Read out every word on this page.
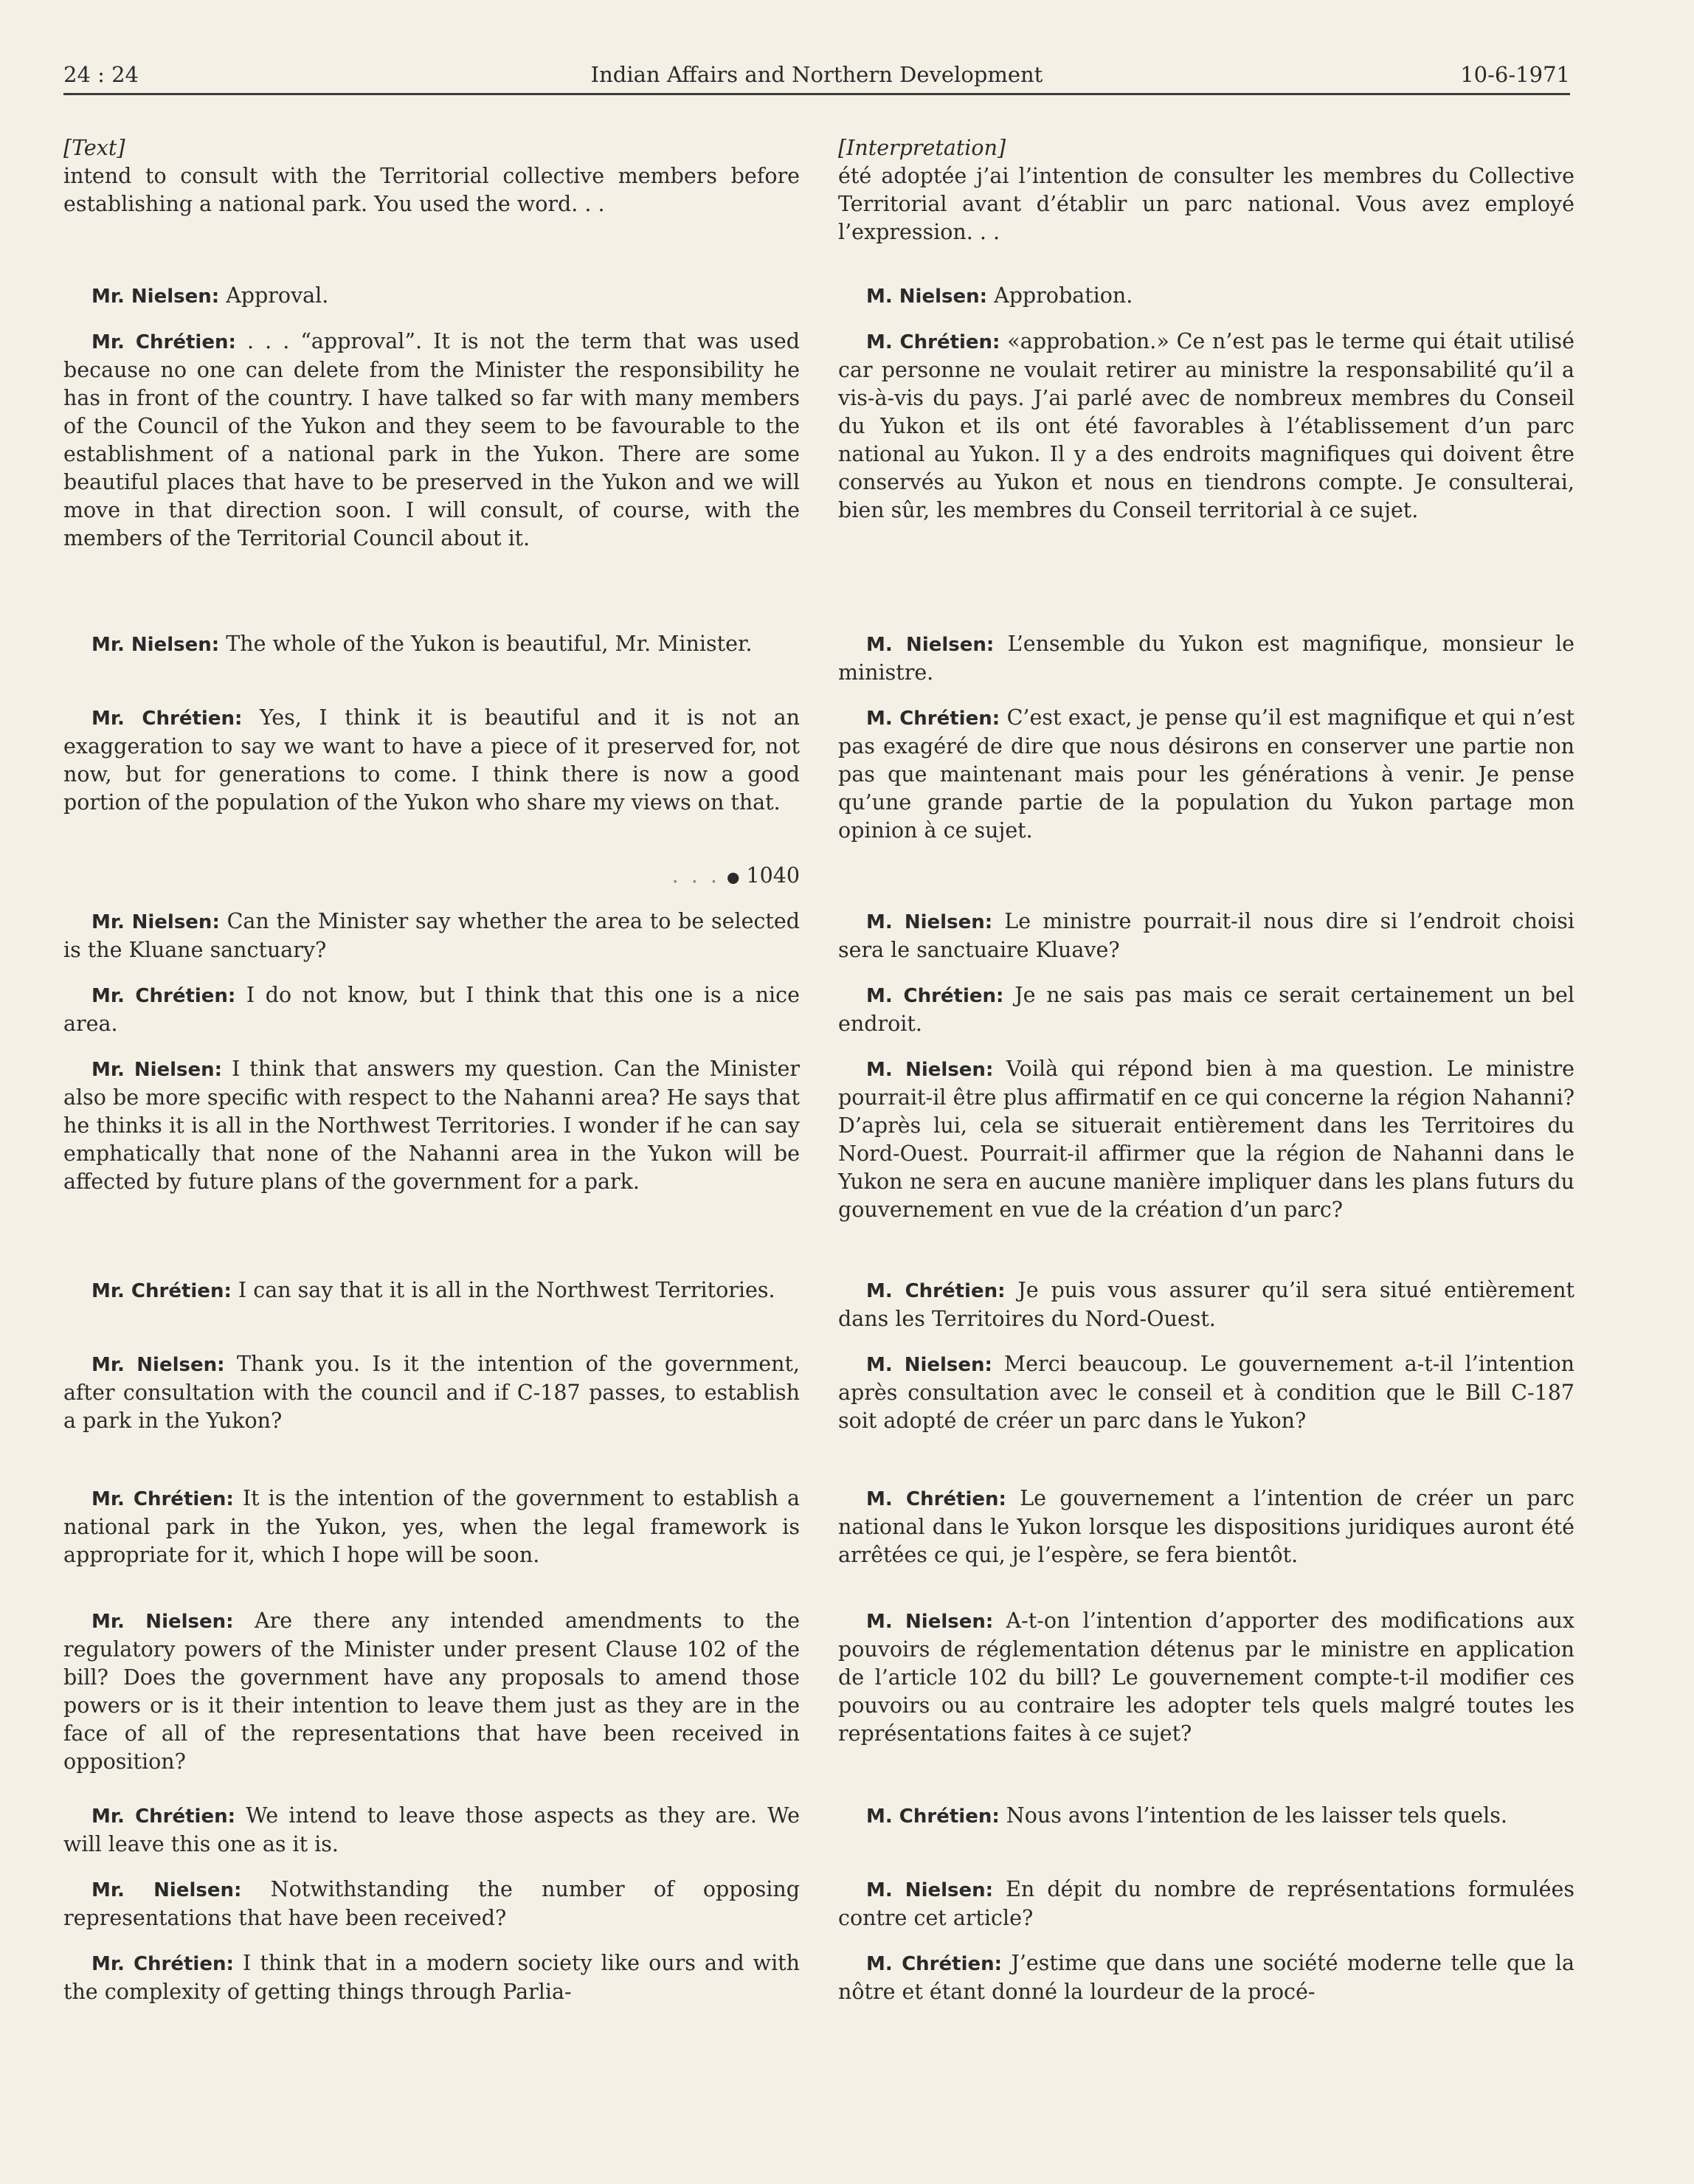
24 : 24	Indian Affairs and Northern Development	10-6-1971

[Text]

intend to consult with the Territorial collective members before establishing a national park. You used the word. . .

Mr. Nielsen: Approval.

Mr. Chrétien: . . . “approval”. It is not the term that was used because no one can delete from the Minister the responsibility he has in front of the country. I have talked so far with many members of the Council of the Yukon and they seem to be favourable to the establishment of a national park in the Yukon. There are some beautiful places that have to be preserved in the Yukon and we will move in that direction soon. I will consult, of course, with the members of the Territorial Council about it.

Mr. Nielsen: The whole of the Yukon is beautiful, Mr. Minister.

Mr. Chrétien: Yes, I think it is beautiful and it is not an exaggeration to say we want to have a piece of it preserved for, not now, but for generations to come. I think there is now a good portion of the population of the Yukon who share my views on that.

. . . ● 1040

Mr. Nielsen: Can the Minister say whether the area to be selected is the Kluane sanctuary?

Mr. Chrétien: I do not know, but I think that this one is a nice area.

Mr. Nielsen: I think that answers my question. Can the Minister also be more specific with respect to the Nahanni area? He says that he thinks it is all in the Northwest Territories. I wonder if he can say emphatically that none of the Nahanni area in the Yukon will be affected by future plans of the government for a park.

Mr. Chrétien: I can say that it is all in the Northwest Territories.

Mr. Nielsen: Thank you. Is it the intention of the government, after consultation with the council and if C-187 passes, to establish a park in the Yukon?

Mr. Chrétien: It is the intention of the government to establish a national park in the Yukon, yes, when the legal framework is appropriate for it, which I hope will be soon.

Mr. Nielsen: Are there any intended amendments to the regulatory powers of the Minister under present Clause 102 of the bill? Does the government have any proposals to amend those powers or is it their intention to leave them just as they are in the face of all of the representations that have been received in opposition?

Mr. Chrétien: We intend to leave those aspects as they are. We will leave this one as it is.

Mr. Nielsen: Notwithstanding the number of opposing representations that have been received?

Mr. Chrétien: I think that in a modern society like ours and with the complexity of getting things through Parlia-

[Interpretation]

été adoptée j’ai l’intention de consulter les membres du Collective Territorial avant d’établir un parc national. Vous avez employé l’expression. . .

M. Nielsen: Approbation.

M. Chrétien: «approbation.» Ce n’est pas le terme qui était utilisé car personne ne voulait retirer au ministre la responsabilité qu’il a vis-à-vis du pays. J’ai parlé avec de nombreux membres du Conseil du Yukon et ils ont été favorables à l’établissement d’un parc national au Yukon. Il y a des endroits magnifiques qui doivent être conservés au Yukon et nous en tiendrons compte. Je consulterai, bien sûr, les membres du Conseil territorial à ce sujet.

M. Nielsen: L’ensemble du Yukon est magnifique, monsieur le ministre.

M. Chrétien: C’est exact, je pense qu’il est magnifique et qui n’est pas exagéré de dire que nous désirons en conserver une partie non pas que maintenant mais pour les générations à venir. Je pense qu’une grande partie de la population du Yukon partage mon opinion à ce sujet.

M. Nielsen: Le ministre pourrait-il nous dire si l’endroit choisi sera le sanctuaire Kluave?

M. Chrétien: Je ne sais pas mais ce serait certainement un bel endroit.

M. Nielsen: Voilà qui répond bien à ma question. Le ministre pourrait-il être plus affirmatif en ce qui concerne la région Nahanni? D’après lui, cela se situerait entièrement dans les Territoires du Nord-Ouest. Pourrait-il affirmer que la région de Nahanni dans le Yukon ne sera en aucune manière impliquer dans les plans futurs du gouvernement en vue de la création d’un parc?

M. Chrétien: Je puis vous assurer qu’il sera situé entièrement dans les Territoires du Nord-Ouest.

M. Nielsen: Merci beaucoup. Le gouvernement a-t-il l’intention après consultation avec le conseil et à condition que le Bill C-187 soit adopté de créer un parc dans le Yukon?

M. Chrétien: Le gouvernement a l’intention de créer un parc national dans le Yukon lorsque les dispositions juridiques auront été arrêtées ce qui, je l’espère, se fera bientôt.

M. Nielsen: A-t-on l’intention d’apporter des modifications aux pouvoirs de réglementation détenus par le ministre en application de l’article 102 du bill? Le gouvernement compte-t-il modifier ces pouvoirs ou au contraire les adopter tels quels malgré toutes les représentations faites à ce sujet?

M. Chrétien: Nous avons l’intention de les laisser tels quels.

M. Nielsen: En dépit du nombre de représentations formulées contre cet article?

M. Chrétien: J’estime que dans une société moderne telle que la nôtre et étant donné la lourdeur de la procé-
